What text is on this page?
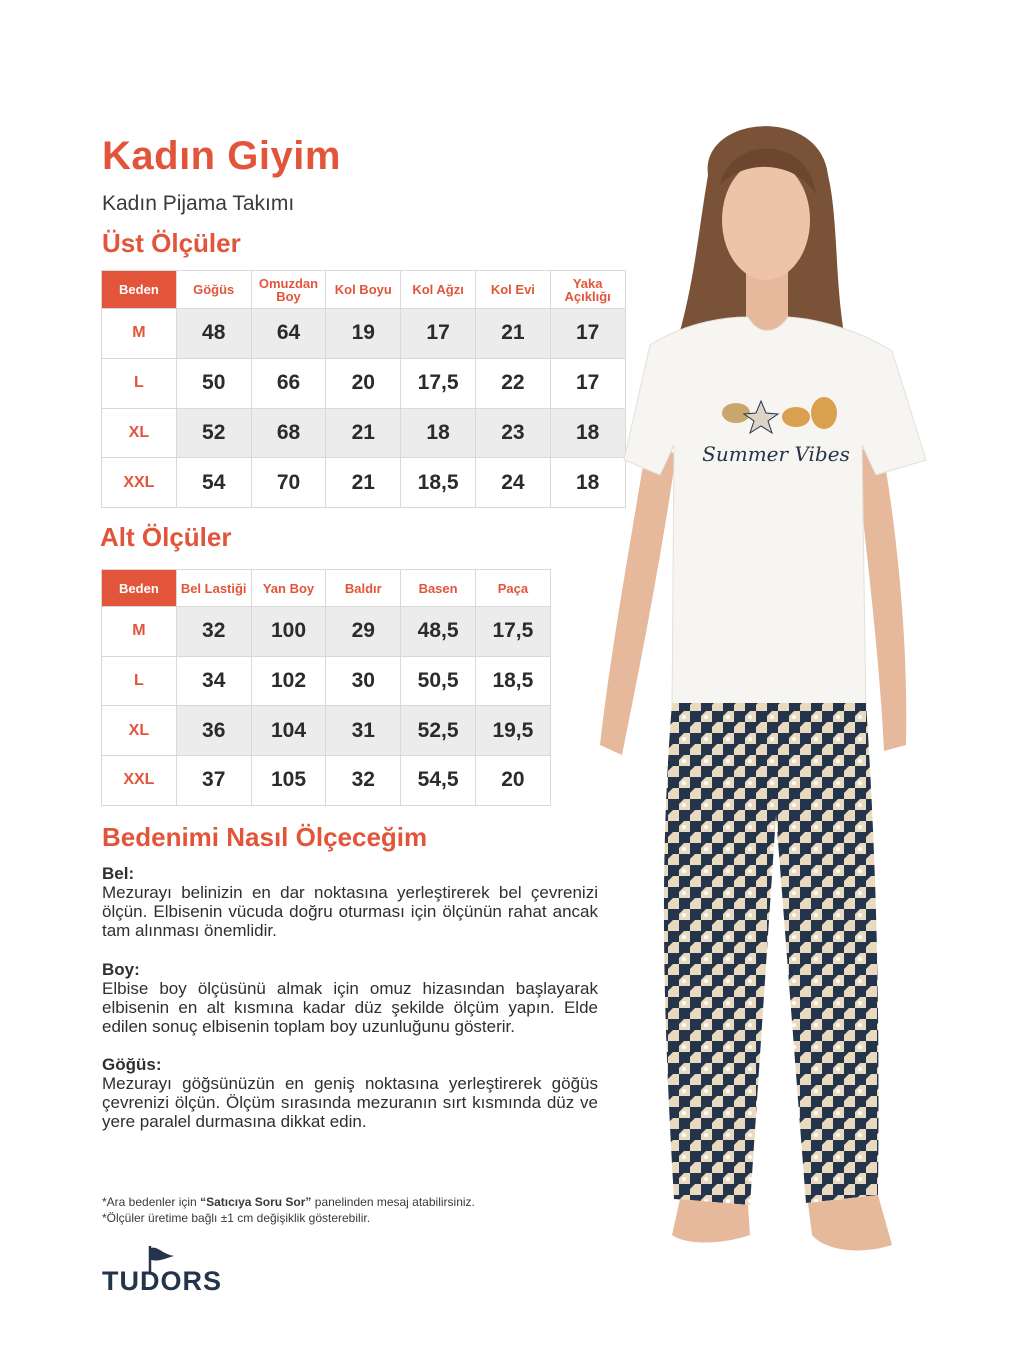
Kadın Giyim
Kadın Pijama Takımı
Üst Ölçüler
Beden	Göğüs	Omuzdan Boy	Kol Boyu	Kol Ağzı	Kol Evi	Yaka Açıklığı
M	48	64	19	17	21	17
L	50	66	20	17,5	22	17
XL	52	68	21	18	23	18
XXL	54	70	21	18,5	24	18
Alt Ölçüler
Beden	Bel Lastiği	Yan Boy	Baldır	Basen	Paça
M	32	100	29	48,5	17,5
L	34	102	30	50,5	18,5
XL	36	104	31	52,5	19,5
XXL	37	105	32	54,5	20
Bedenimi Nasıl Ölçeceğim
Bel:
Mezurayı belinizin en dar noktasına yerleştirerek bel çevrenizi ölçün. Elbisenin vücuda doğru oturması için ölçünün rahat ancak tam alınması önemlidir.
Boy:
Elbise boy ölçüsünü almak için omuz hizasından başlayarak elbisenin en alt kısmına kadar düz şekilde ölçüm yapın. Elde edilen sonuç elbisenin toplam boy uzunluğunu gösterir.
Göğüs:
Mezurayı göğsünüzün en geniş noktasına yerleştirerek göğüs çevrenizi ölçün. Ölçüm sırasında mezuranın sırt kısmında düz ve yere paralel durmasına dikkat edin.
*Ara bedenler için “Satıcıya Soru Sor” panelinden mesaj atabilirsiniz.
*Ölçüler üretime bağlı ±1 cm değişiklik gösterebilir.
TUDORS
Summer Vibes
